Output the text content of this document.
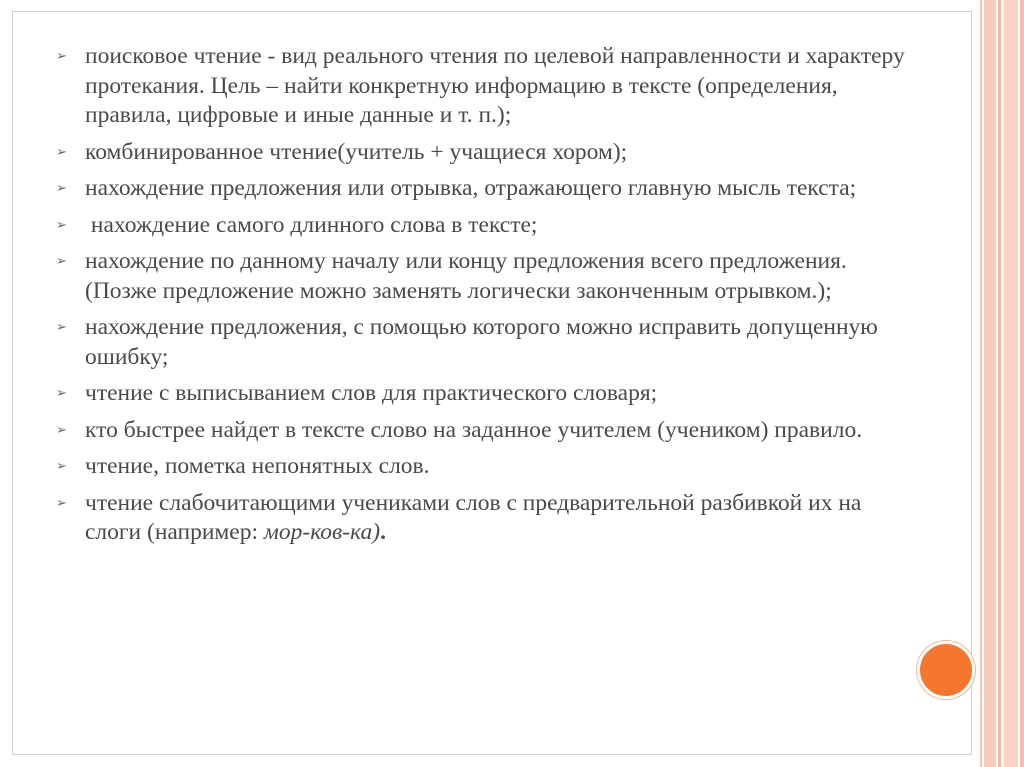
➢ поисковое чтение - вид реального чтения по целевой направленности и характеру протекания. Цель – найти конкретную информацию в тексте (определения, правила, цифровые и иные данные и т. п.);
➢ комбинированное чтение(учитель + учащиеся хором);
➢ нахождение предложения или отрывка, отражающего главную мысль текста;
➢ нахождение самого длинного слова в тексте;
➢ нахождение по данному началу или концу предложения всего предложения. (Позже предложение можно заменять логически законченным отрывком.);
➢ нахождение предложения, с помощью которого можно исправить допущенную ошибку;
➢ чтение с выписыванием слов для практического словаря;
➢ кто быстрее найдет в тексте слово на заданное учителем (учеником) правило.
➢ чтение, пометка непонятных слов.
➢ чтение слабочитающими учениками слов с предварительной разбивкой их на слоги (например: мор-ков-ка).
